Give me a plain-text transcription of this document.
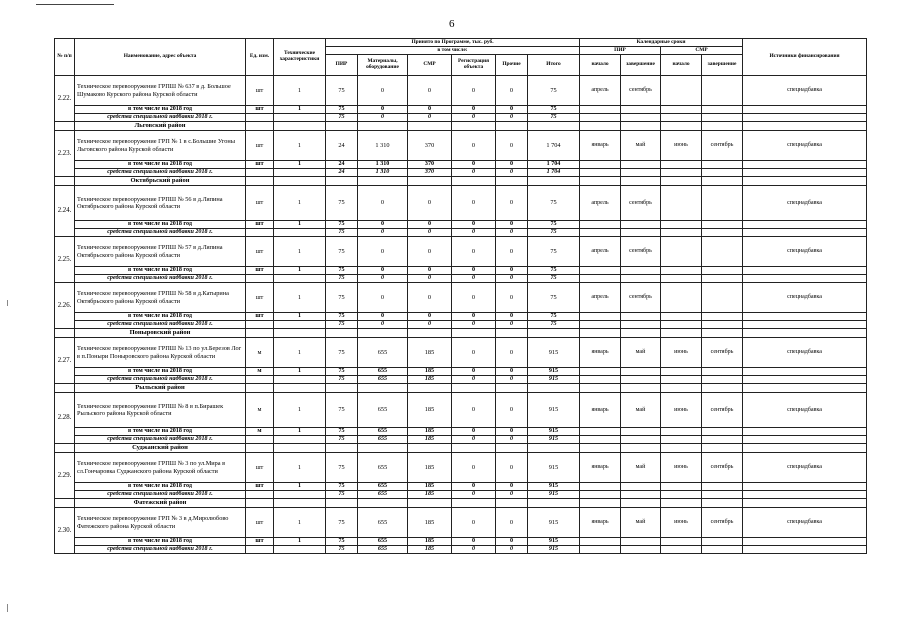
6
№ п/п	Наименование, адрес объекта	Ед. изм.	Технические характеристики	Принято по Программе, тыс. руб.						Календарные сроки				Источники финансирования
				в том числе:						ПИР		СМР		
				ПИР	Материалы, оборудование	СМР	Регистрация объекта	Прочие	Итого	начало	завершение	начало	завершение	
2.22.	Техническое перевооружение ГРПШ № 637 в д. Большое Шумаково Курского района Курской области	шт	1	75	0	0	0	0	75	апрель	сентябрь			спецнадбавка
	в том числе на 2018 год	шт	1	75	0	0	0	0	75					
	средства специальной надбавки 2018 г.			75	0	0	0	0	75					
	Льговский район													
2.23.	Техническое перевооружение ГРП № 1 в с.Большие Угоны Льговского района Курской области	шт	1	24	1 310	370	0	0	1 704	январь	май	июнь	сентябрь	спецнадбавка
	в том числе на 2018 год	шт	1	24	1 310	370	0	0	1 704					
	средства специальной надбавки 2018 г.			24	1 310	370	0	0	1 704					
	Октябрьский район													
2.24.	Техническое перевооружение ГРПШ № 56 в д.Ляпина Октябрьского района Курской области	шт	1	75	0	0	0	0	75	апрель	сентябрь			спецнадбавка
	в том числе на 2018 год	шт	1	75	0	0	0	0	75					
	средства специальной надбавки 2018 г.			75	0	0	0	0	75					
2.25.	Техническое перевооружение ГРПШ № 57 в д.Ляпина Октябрьского района Курской области	шт	1	75	0	0	0	0	75	апрель	сентябрь			спецнадбавка
	в том числе на 2018 год	шт	1	75	0	0	0	0	75					
	средства специальной надбавки 2018 г.			75	0	0	0	0	75					
2.26.	Техническое перевооружение ГРПШ № 58 в д.Катырина Октябрьского района Курской области	шт	1	75	0	0	0	0	75	апрель	сентябрь			спецнадбавка
	в том числе на 2018 год	шт	1	75	0	0	0	0	75					
	средства специальной надбавки 2018 г.			75	0	0	0	0	75					
	Поныровский район													
2.27.	Техническое перевооружение ГРПШ № 13 по ул.Березов Лог в п.Поныри Поныровского района Курской области	м	1	75	655	185	0	0	915	январь	май	июнь	сентябрь	спецнадбавка
	в том числе на 2018 год	м	1	75	655	185	0	0	915					
	средства специальной надбавки 2018 г.			75	655	185	0	0	915					
	Рыльский район													
2.28.	Техническое перевооружение ГРПШ № 8 в п.Бирашек Рыльского района Курской области	м	1	75	655	185	0	0	915	январь	май	июнь	сентябрь	спецнадбавка
	в том числе на 2018 год	м	1	75	655	185	0	0	915					
	средства специальной надбавки 2018 г.			75	655	185	0	0	915					
	Суджанский район													
2.29.	Техническое перевооружение ГРПШ № 3 по ул.Мира в сл.Гончаровка Суджанского района Курской области	шт	1	75	655	185	0	0	915	январь	май	июнь	сентябрь	спецнадбавка
	в том числе на 2018 год	шт	1	75	655	185	0	0	915					
	средства специальной надбавки 2018 г.			75	655	185	0	0	915					
	Фатежский район													
2.30.	Техническое перевооружение ГРП № 3 в д.Миролюбово Фатежского района Курской области	шт	1	75	655	185	0	0	915	январь	май	июнь	сентябрь	спецнадбавка
	в том числе на 2018 год	шт	1	75	655	185	0	0	915					
	средства специальной надбавки 2018 г.			75	655	185	0	0	915					
